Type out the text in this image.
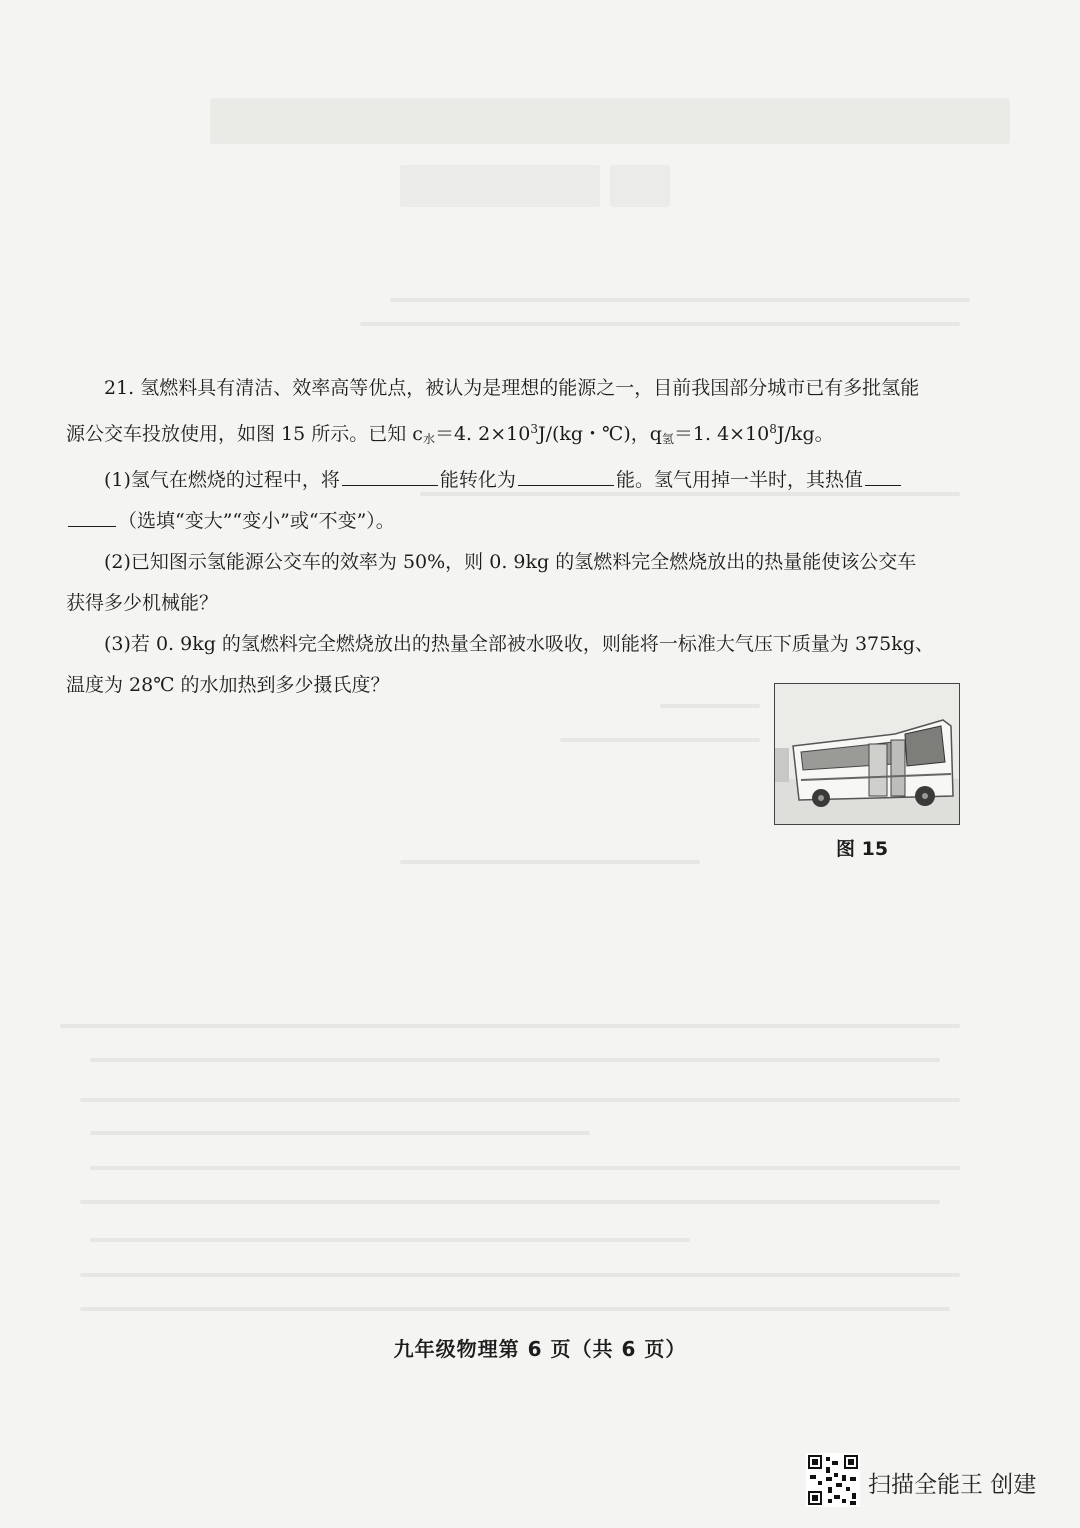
21. 氢燃料具有清洁、效率高等优点，被认为是理想的能源之一，目前我国部分城市已有多批氢能
源公交车投放使用，如图 15 所示。已知 $c_水=4$. $2\times 10^3J/(kg$・℃)，$q_氢=1$. $4\times 10^8J/kg$。
(1)氢气在燃烧的过程中，将	能转化为	能。氢气用掉一半时，其热值
（选填“变大”“变小”或“不变”）。
(2)已知图示氢能源公交车的效率为 50%，则 0. 9kg 的氢燃料完全燃烧放出的热量能使该公交车
获得多少机械能？
(3)若 0. 9kg 的氢燃料完全燃烧放出的热量全部被水吸收，则能将一标准大气压下质量为 375kg、
温度为 28℃ 的水加热到多少摄氏度？
图 15
九年级物理第 6 页（共 6 页）
扫描全能王 创建
